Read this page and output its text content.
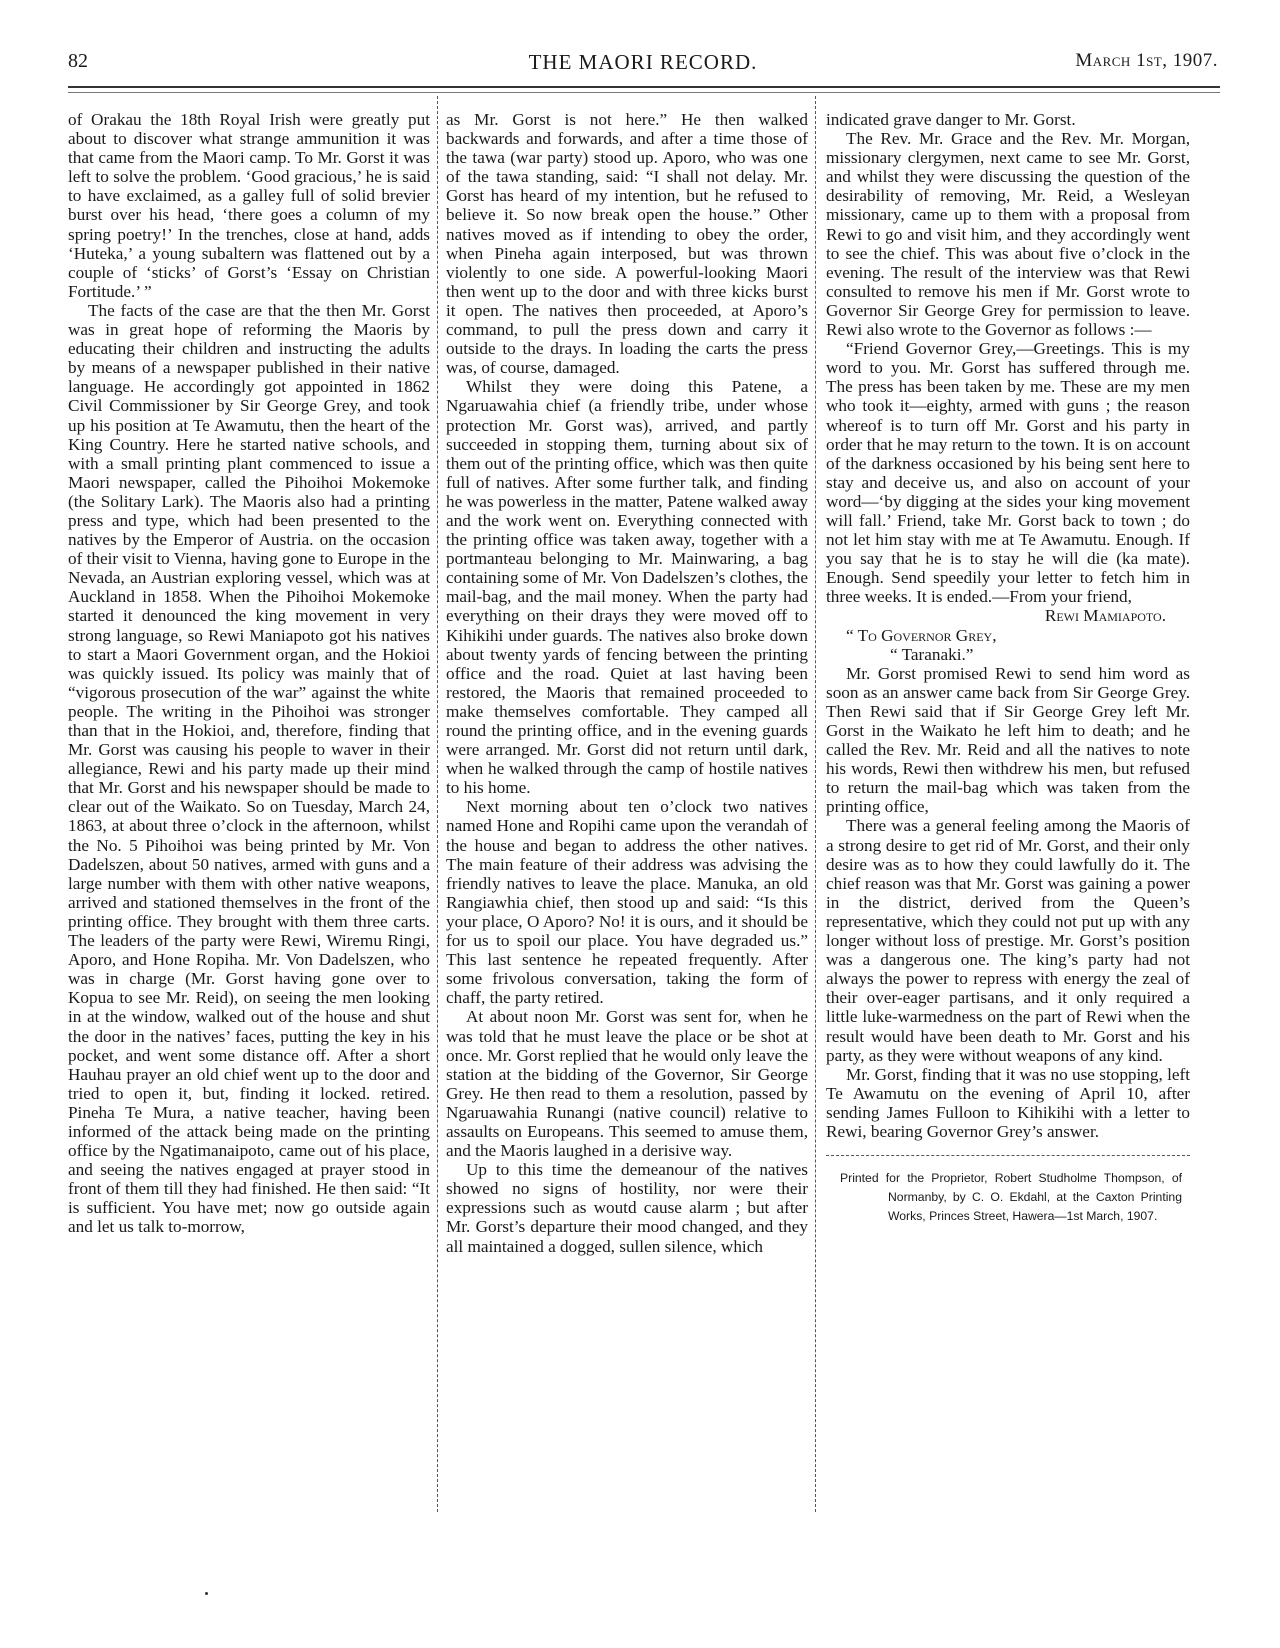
82	THE MAORI RECORD.	March 1st, 1907.

of Orakau the 18th Royal Irish were greatly put about to discover what strange ammunition it was that came from the Maori camp. To Mr. Gorst it was left to solve the problem. ‘Good gracious,’ he is said to have exclaimed, as a galley full of solid brevier burst over his head, ‘there goes a column of my spring poetry!’ In the trenches, close at hand, adds ‘Huteka,’ a young subaltern was flattened out by a couple of ‘sticks’ of Gorst’s ‘Essay on Christian Fortitude.’ ”

The facts of the case are that the then Mr. Gorst was in great hope of reforming the Maoris by educating their children and instructing the adults by means of a newspaper published in their native language. He accordingly got appointed in 1862 Civil Commissioner by Sir George Grey, and took up his position at Te Awamutu, then the heart of the King Country. Here he started native schools, and with a small printing plant commenced to issue a Maori newspaper, called the Pihoihoi Mokemoke (the Solitary Lark). The Maoris also had a printing press and type, which had been presented to the natives by the Emperor of Austria. on the occasion of their visit to Vienna, having gone to Europe in the Nevada, an Austrian exploring vessel, which was at Auckland in 1858. When the Pihoihoi Mokemoke started it denounced the king movement in very strong language, so Rewi Maniapoto got his natives to start a Maori Government organ, and the Hokioi was quickly issued. Its policy was mainly that of “vigorous prosecution of the war” against the white people. The writing in the Pihoihoi was stronger than that in the Hokioi, and, therefore, finding that Mr. Gorst was causing his people to waver in their allegiance, Rewi and his party made up their mind that Mr. Gorst and his newspaper should be made to clear out of the Waikato. So on Tuesday, March 24, 1863, at about three o’clock in the afternoon, whilst the No. 5 Pihoihoi was being printed by Mr. Von Dadelszen, about 50 natives, armed with guns and a large number with them with other native weapons, arrived and stationed themselves in the front of the printing office. They brought with them three carts. The leaders of the party were Rewi, Wiremu Ringi, Aporo, and Hone Ropiha. Mr. Von Dadelszen, who was in charge (Mr. Gorst having gone over to Kopua to see Mr. Reid), on seeing the men looking in at the window, walked out of the house and shut the door in the natives’ faces, putting the key in his pocket, and went some distance off. After a short Hauhau prayer an old chief went up to the door and tried to open it, but, finding it locked. retired. Pineha Te Mura, a native teacher, having been informed of the attack being made on the printing office by the Ngatimanaipoto, came out of his place, and seeing the natives engaged at prayer stood in front of them till they had finished. He then said: “It is sufficient. You have met; now go outside again and let us talk to-morrow,

as Mr. Gorst is not here.” He then walked backwards and forwards, and after a time those of the tawa (war party) stood up. Aporo, who was one of the tawa standing, said: “I shall not delay. Mr. Gorst has heard of my intention, but he refused to believe it. So now break open the house.” Other natives moved as if intending to obey the order, when Pineha again interposed, but was thrown violently to one side. A powerful-looking Maori then went up to the door and with three kicks burst it open. The natives then proceeded, at Aporo’s command, to pull the press down and carry it outside to the drays. In loading the carts the press was, of course, damaged.

Whilst they were doing this Patene, a Ngaruawahia chief (a friendly tribe, under whose protection Mr. Gorst was), arrived, and partly succeeded in stopping them, turning about six of them out of the printing office, which was then quite full of natives. After some further talk, and finding he was powerless in the matter, Patene walked away and the work went on. Everything connected with the printing office was taken away, together with a portmanteau belonging to Mr. Mainwaring, a bag containing some of Mr. Von Dadelszen’s clothes, the mail-bag, and the mail money. When the party had everything on their drays they were moved off to Kihikihi under guards. The natives also broke down about twenty yards of fencing between the printing office and the road. Quiet at last having been restored, the Maoris that remained proceeded to make themselves comfortable. They camped all round the printing office, and in the evening guards were arranged. Mr. Gorst did not return until dark, when he walked through the camp of hostile natives to his home.

Next morning about ten o’clock two natives named Hone and Ropihi came upon the verandah of the house and began to address the other natives. The main feature of their address was advising the friendly natives to leave the place. Manuka, an old Rangiawhia chief, then stood up and said: “Is this your place, O Aporo? No! it is ours, and it should be for us to spoil our place. You have degraded us.” This last sentence he repeated frequently. After some frivolous conversation, taking the form of chaff, the party retired.

At about noon Mr. Gorst was sent for, when he was told that he must leave the place or be shot at once. Mr. Gorst replied that he would only leave the station at the bidding of the Governor, Sir George Grey. He then read to them a resolution, passed by Ngaruawahia Runangi (native council) relative to assaults on Europeans. This seemed to amuse them, and the Maoris laughed in a derisive way.

Up to this time the demeanour of the natives showed no signs of hostility, nor were their expressions such as woutd cause alarm ; but after Mr. Gorst’s departure their mood changed, and they all maintained a dogged, sullen silence, which

indicated grave danger to Mr. Gorst.

The Rev. Mr. Grace and the Rev. Mr. Morgan, missionary clergymen, next came to see Mr. Gorst, and whilst they were discussing the question of the desirability of removing, Mr. Reid, a Wesleyan missionary, came up to them with a proposal from Rewi to go and visit him, and they accordingly went to see the chief. This was about five o’clock in the evening. The result of the interview was that Rewi consulted to remove his men if Mr. Gorst wrote to Governor Sir George Grey for permission to leave. Rewi also wrote to the Governor as follows :—

“Friend Governor Grey,—Greetings. This is my word to you. Mr. Gorst has suffered through me. The press has been taken by me. These are my men who took it—eighty, armed with guns ; the reason whereof is to turn off Mr. Gorst and his party in order that he may return to the town. It is on account of the darkness occasioned by his being sent here to stay and deceive us, and also on account of your word—‘by digging at the sides your king movement will fall.’ Friend, take Mr. Gorst back to town ; do not let him stay with me at Te Awamutu. Enough. If you say that he is to stay he will die (ka mate). Enough. Send speedily your letter to fetch him in three weeks. It is ended.—From your friend,

Rewi Mamiapoto.

“ To Governor Grey,

“ Taranaki.”

Mr. Gorst promised Rewi to send him word as soon as an answer came back from Sir George Grey. Then Rewi said that if Sir George Grey left Mr. Gorst in the Waikato he left him to death; and he called the Rev. Mr. Reid and all the natives to note his words, Rewi then withdrew his men, but refused to return the mail-bag which was taken from the printing office,

There was a general feeling among the Maoris of a strong desire to get rid of Mr. Gorst, and their only desire was as to how they could lawfully do it. The chief reason was that Mr. Gorst was gaining a power in the district, derived from the Queen’s representative, which they could not put up with any longer without loss of prestige. Mr. Gorst’s position was a dangerous one. The king’s party had not always the power to repress with energy the zeal of their over-eager partisans, and it only required a little luke-warmedness on the part of Rewi when the result would have been death to Mr. Gorst and his party, as they were without weapons of any kind.

Mr. Gorst, finding that it was no use stopping, left Te Awamutu on the evening of April 10, after sending James Fulloon to Kihikihi with a letter to Rewi, bearing Governor Grey’s answer.

Printed for the Proprietor, Robert Studholme Thompson, of Normanby, by C. O. Ekdahl, at the Caxton Printing Works, Princes Street, Hawera—1st March, 1907.
